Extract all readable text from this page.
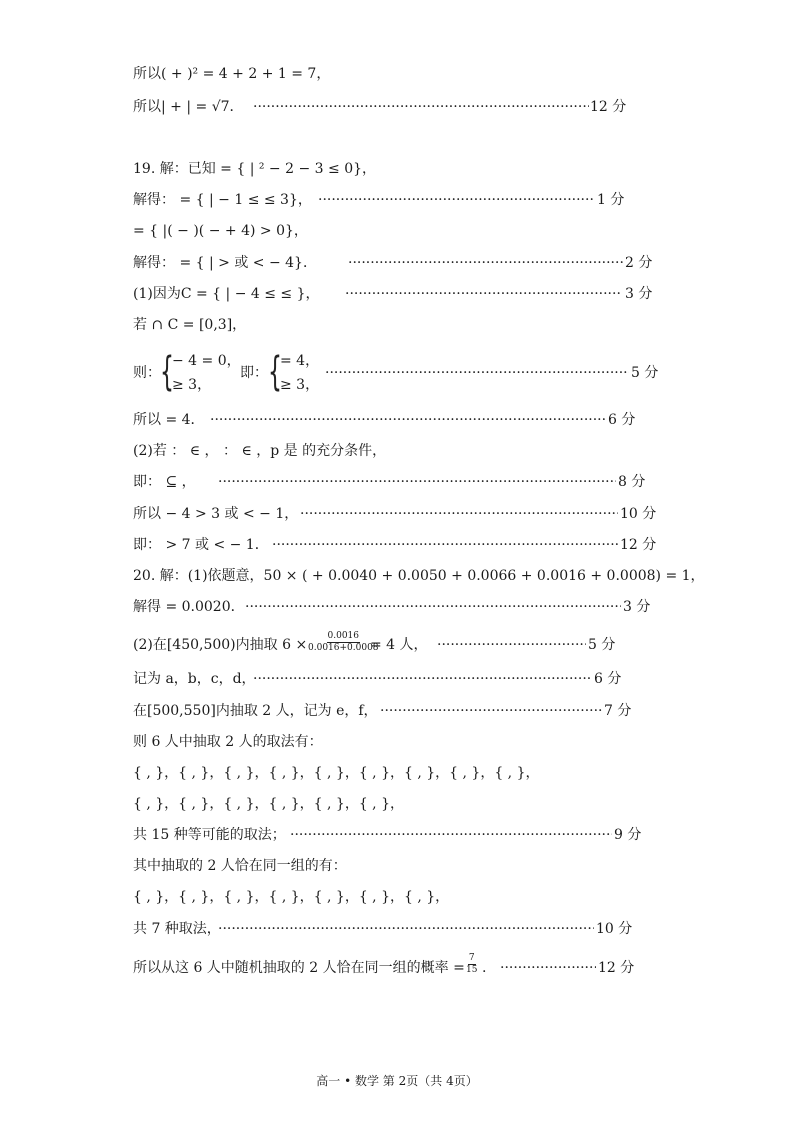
所以( + )² = 4 + 2 + 1 = 7，
所以| + | = √7． ·····	12 分
19. 解：已知 = { | ² − 2 − 3 ≤ 0}，
解得： = { | − 1 ≤ ≤ 3}， ·····	1 分
= { |( − )( − + 4) > 0}，
解得： = { | > 或 < − 4}． ·····	2 分
(1)因为C = { | − 4 ≤ ≤ }， ·····	3 分
若 ∩ C = [0,3]，
则： {
− 4 = 0，
≥ 3，
即： {
= 4，
≥ 3，
·····
5 分
所以 = 4． ·····	6 分
(2)若 ： ∈ ， ： ∈ ，p 是 的充分条件，
即： ⊆ ， ·····	8 分
所以 − 4 > 3 或 < − 1， ·····	10 分
即： > 7 或 < − 1． ·····	12 分
20. 解：(1)依题意，50 × ( + 0.0040 + 0.0050 + 0.0066 + 0.0016 + 0.0008) = 1，
解得 = 0.0020． ·····	3 分
(2)在[450,500)内抽取 $6 \times \frac{0.0016}{0.0016+0.0008}$
= 4 人， ·····	5 分
记为 a，b，c，d， ·····	6 分
在[500,550]内抽取 2 人，记为 e，f， ·····	7 分
则 6 人中抽取 2 人的取法有：
{ , }，{ , }，{ , }，{ , }，{ , }，{ , }，{ , }，{ , }，{ , }，
{ , }，{ , }，{ , }，{ , }，{ , }，{ , }，
共 15 种等可能的取法； ·····	9 分
其中抽取的 2 人恰在同一组的有：
{ , }，{ , }，{ , }，{ , }，{ , }，{ , }，{ , }，
共 7 种取法， ·····	10 分
所以从这 6 人中随机抽取的 2 人恰在同一组的概率 = $\frac{7}{15}$ . ·····	12 分
高一 • 数学 第 2页（共 4页）
